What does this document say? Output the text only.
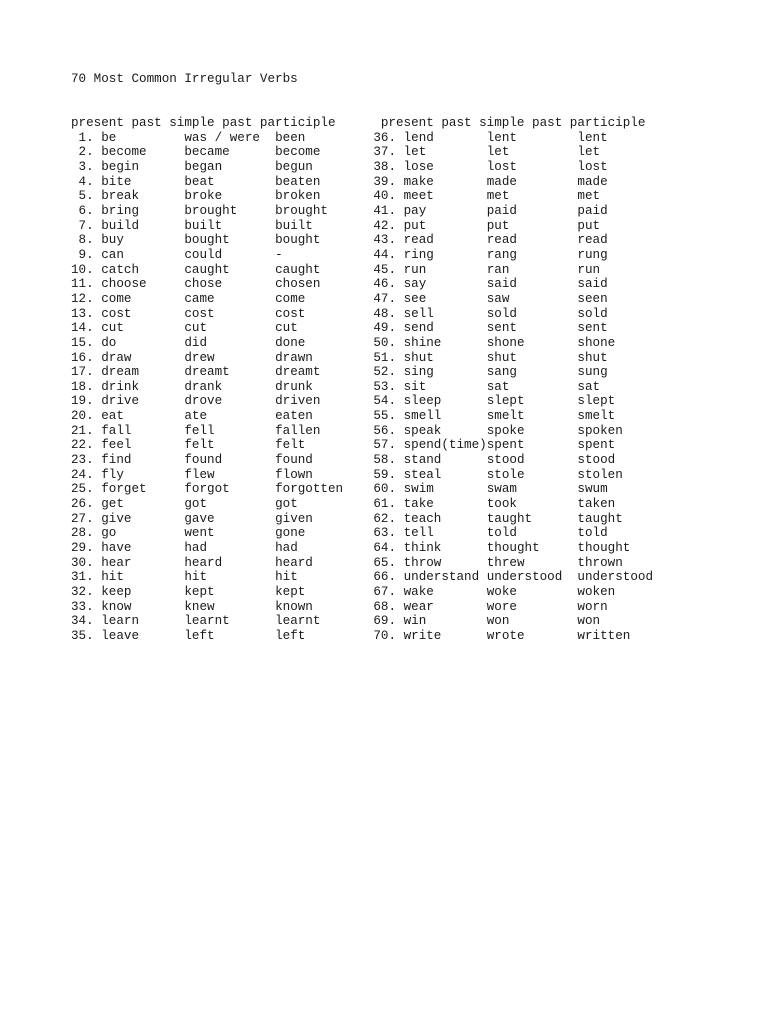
70 Most Common Irregular Verbs
present past simple past participle	present past simple past participle
1. be         was / were  been	36. lend       lent        lent
2. become     became      become	37. let        let         let
3. begin      began       begun	38. lose       lost        lost
4. bite       beat        beaten	39. make       made        made
5. break      broke       broken	40. meet       met         met
6. bring      brought     brought	41. pay        paid        paid
7. build      built       built	42. put        put         put
8. buy        bought      bought	43. read       read        read
9. can        could       -	44. ring       rang        rung
10. catch      caught      caught	45. run        ran         run
11. choose     chose       chosen	46. say        said        said
12. come       came        come	47. see        saw         seen
13. cost       cost        cost	48. sell       sold        sold
14. cut        cut         cut	49. send       sent        sent
15. do         did         done	50. shine      shone       shone
16. draw       drew        drawn	51. shut       shut        shut
17. dream      dreamt      dreamt	52. sing       sang        sung
18. drink      drank       drunk	53. sit        sat         sat
19. drive      drove       driven	54. sleep      slept       slept
20. eat        ate         eaten	55. smell      smelt       smelt
21. fall       fell        fallen	56. speak      spoke       spoken
22. feel       felt        felt	57. spend(time)spent       spent
23. find       found       found	58. stand      stood       stood
24. fly        flew        flown	59. steal      stole       stolen
25. forget     forgot      forgotten 60. swim       swam        swum
26. get        got         got	61. take       took        taken
27. give       gave        given	62. teach      taught      taught
28. go         went        gone	63. tell       told        told
29. have       had         had	64. think      thought     thought
30. hear       heard       heard	65. throw      threw       thrown
31. hit        hit         hit	66. understand understood  understood
32. keep       kept        kept	67. wake       woke        woken
33. know       knew        known	68. wear       wore        worn
34. learn      learnt      learnt	69. win        won         won
35. leave      left        left	70. write      wrote       written
